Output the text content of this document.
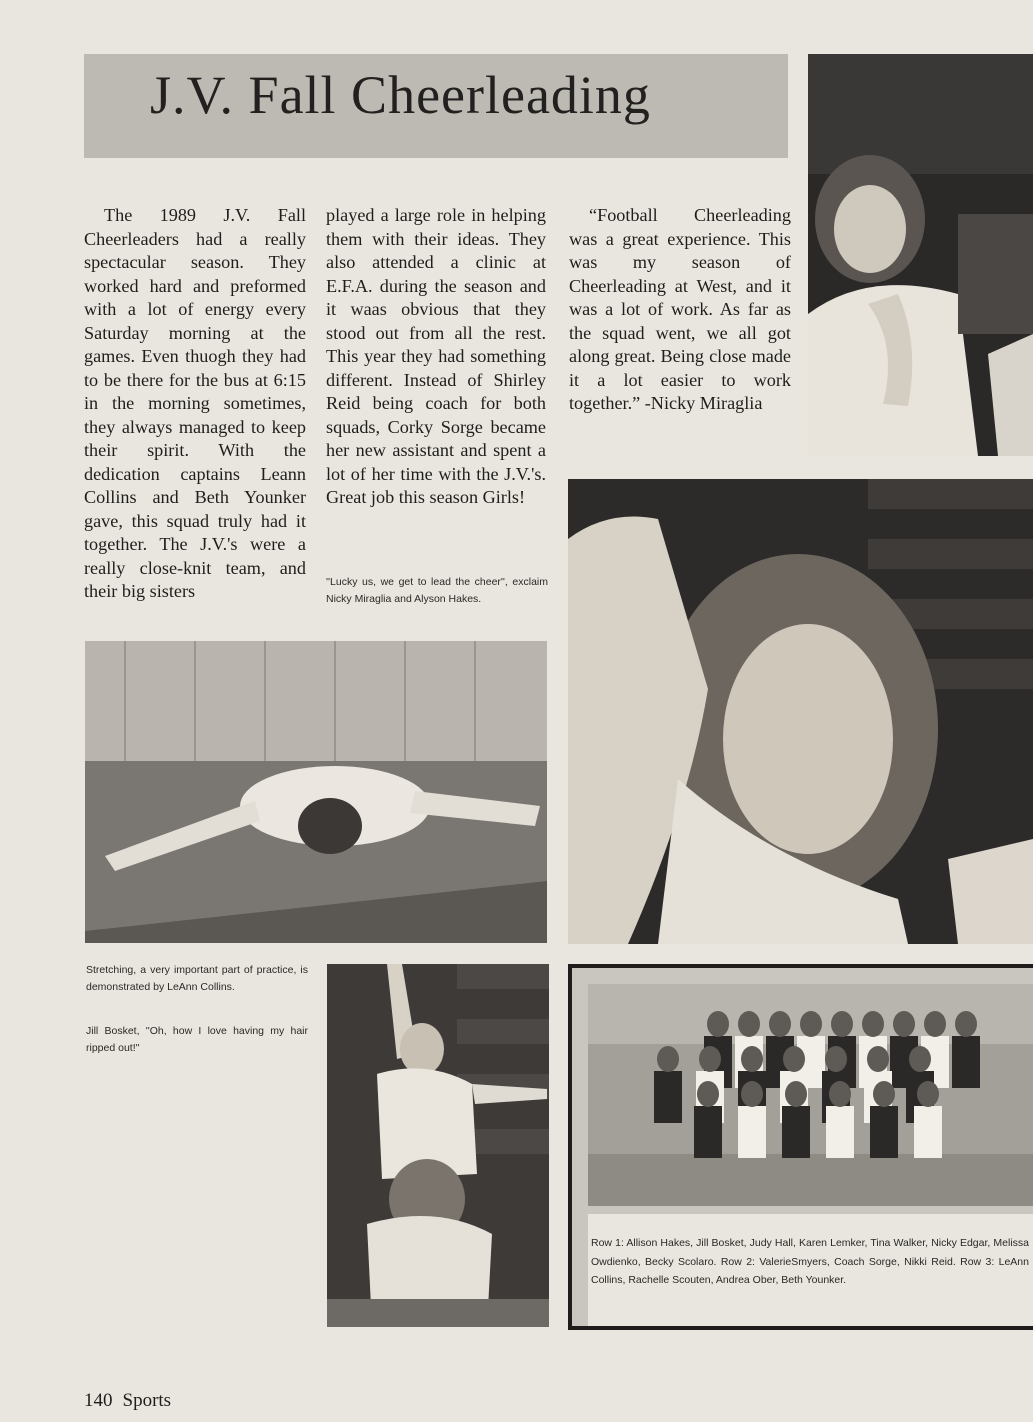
J.V. Fall Cheerleading

The 1989 J.V. Fall Cheerleaders had a really spectacular season. They worked hard and preformed with a lot of energy every Saturday morning at the games. Even thuogh they had to be there for the bus at 6:15 in the morning sometimes, they always managed to keep their spirit. With the dedication captains Leann Collins and Beth Younker gave, this squad truly had it together. The J.V.'s were a really close-knit team, and their big sisters

played a large role in helping them with their ideas. They also attended a clinic at E.F.A. during the season and it waas obvious that they stood out from all the rest. This year they had something different. Instead of Shirley Reid being coach for both squads, Corky Sorge became her new assistant and spent a lot of her time with the J.V.'s. Great job this season Girls!

“Football Cheerleading was a great experience. This was my season of Cheerleading at West, and it was a lot of work. As far as the squad went, we all got along great. Being close made it a lot easier to work together.” -Nicky Miraglia

''Lucky us, we get to lead the cheer'', exclaim Nicky Miraglia and Alyson Hakes.
Stretching, a very important part of practice, is demonstrated by LeAnn Collins.
Jill Bosket, ''Oh, how I love having my hair ripped out!''
Row 1: Allison Hakes, Jill Bosket, Judy Hall, Karen Lemker, Tina Walker, Nicky Edgar, Melissa Owdienko, Becky Scolaro. Row 2: ValerieSmyers, Coach Sorge, Nikki Reid. Row 3: LeAnn Collins, Rachelle Scouten, Andrea Ober, Beth Younker.
140 Sports
